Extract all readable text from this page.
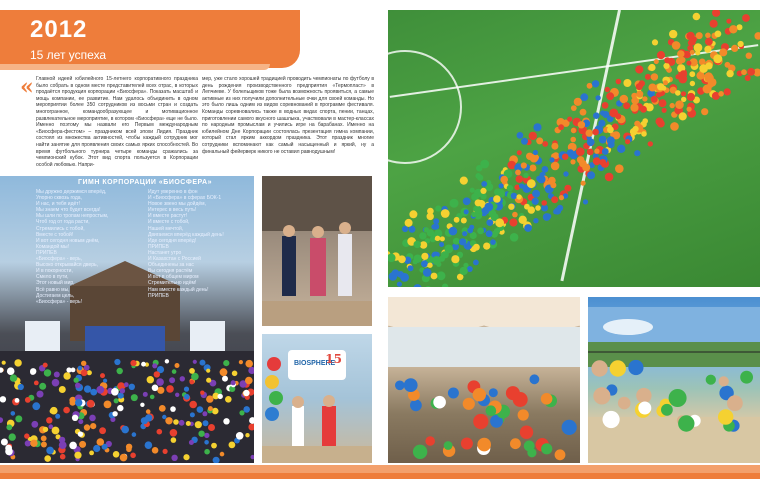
2012
15 лет успеха
« Главной идеей юбилейного 15-летнего корпоративного праздника было собрать в одном месте представителей всех отрас, в которых продаётся продукция корпорации «Биосфера». Показать масштаб и мощь компании, ее развитие. Нам удалось объединить в одном мероприятии более 350 сотрудников из восьми стран и создать многогранное, командообразующее и мотивационное развлекательное мероприятие, в котором «Биосфера» еще не было. Именно поэтому мы назвали его Первым международным «Биосфера-фестом» – праздником всей эпохи Лидия. Праздник состоял из множества активностей, чтобы каждый сотрудник мог найти занятие для проявления своих самых ярких способностей. Во время футбольного турнира четыре команды сражались за чемпионский кубок. Этот вид спорта пользуется в Корпорации особой любовью. Напри-
мер, уже стало хорошей традицией проводить чемпионаты по футболу в день рождения производственного предприятия «Термопласт» в Лепчиеве. У болельщиков тоже была возможность проявиться, а самые активные из них получили дополнительные очки для своей команды. Но это было лишь одним из видов соревнований в программе фестиваля. Команды соревновались также в водных видах спорта, пении, танцах, приготовлении самого вкусного шашлыка, участвовали в мастер-классах по народным промыслам и учились игре на барабанах. Именно на юбилейном Дне Корпорации состоялась презентация гимна компании, который стал ярким аккордом праздника. Этот праздник многие сотрудники вспоминают как самый насыщенный и яркий, ну а финальный фейерверк никого не оставил равнодушным!
ГИМН КОРПОРАЦИИ «БИОСФЕРА»
Мы дружно держимся вперёд,
Упорно сквозь года,
И нас, и тебя идёт!
Мы знаем что будет всегда!
Мы шли по тропам непростым,
Чтоб год от года расти,
Стремились с тобой,
Вместе с тобой!
И вот сегодня новым днём,
Командой мы!
ПРИПЕВ
«Биосфера» - верь,
Высоко открывайся дверь,
И в покорности,
Смело в пути,
Этот новый мир,
Всё равно мы,
Достигаем цель,
«Биосфера» - верь!
Идут уверенно в фон
И «Биосфера» в сферах БОК-1
Новое звено мы дойдём,
Интерес в весь путь!
И вместе растут!
И вместе с тобой,
Нашей мечтой,
Двигаемся вперёд каждый день!
Иде сегодня вперёд!
ПРИПЕВ
Настанет утро
И Казахстан с Россией
Объединены за нас
Вы сегодня растём
И вот в общем миром
Стремительно идём!
Нам вместе каждый день!
ПРИПЕВ
BIOSPHERE
15
